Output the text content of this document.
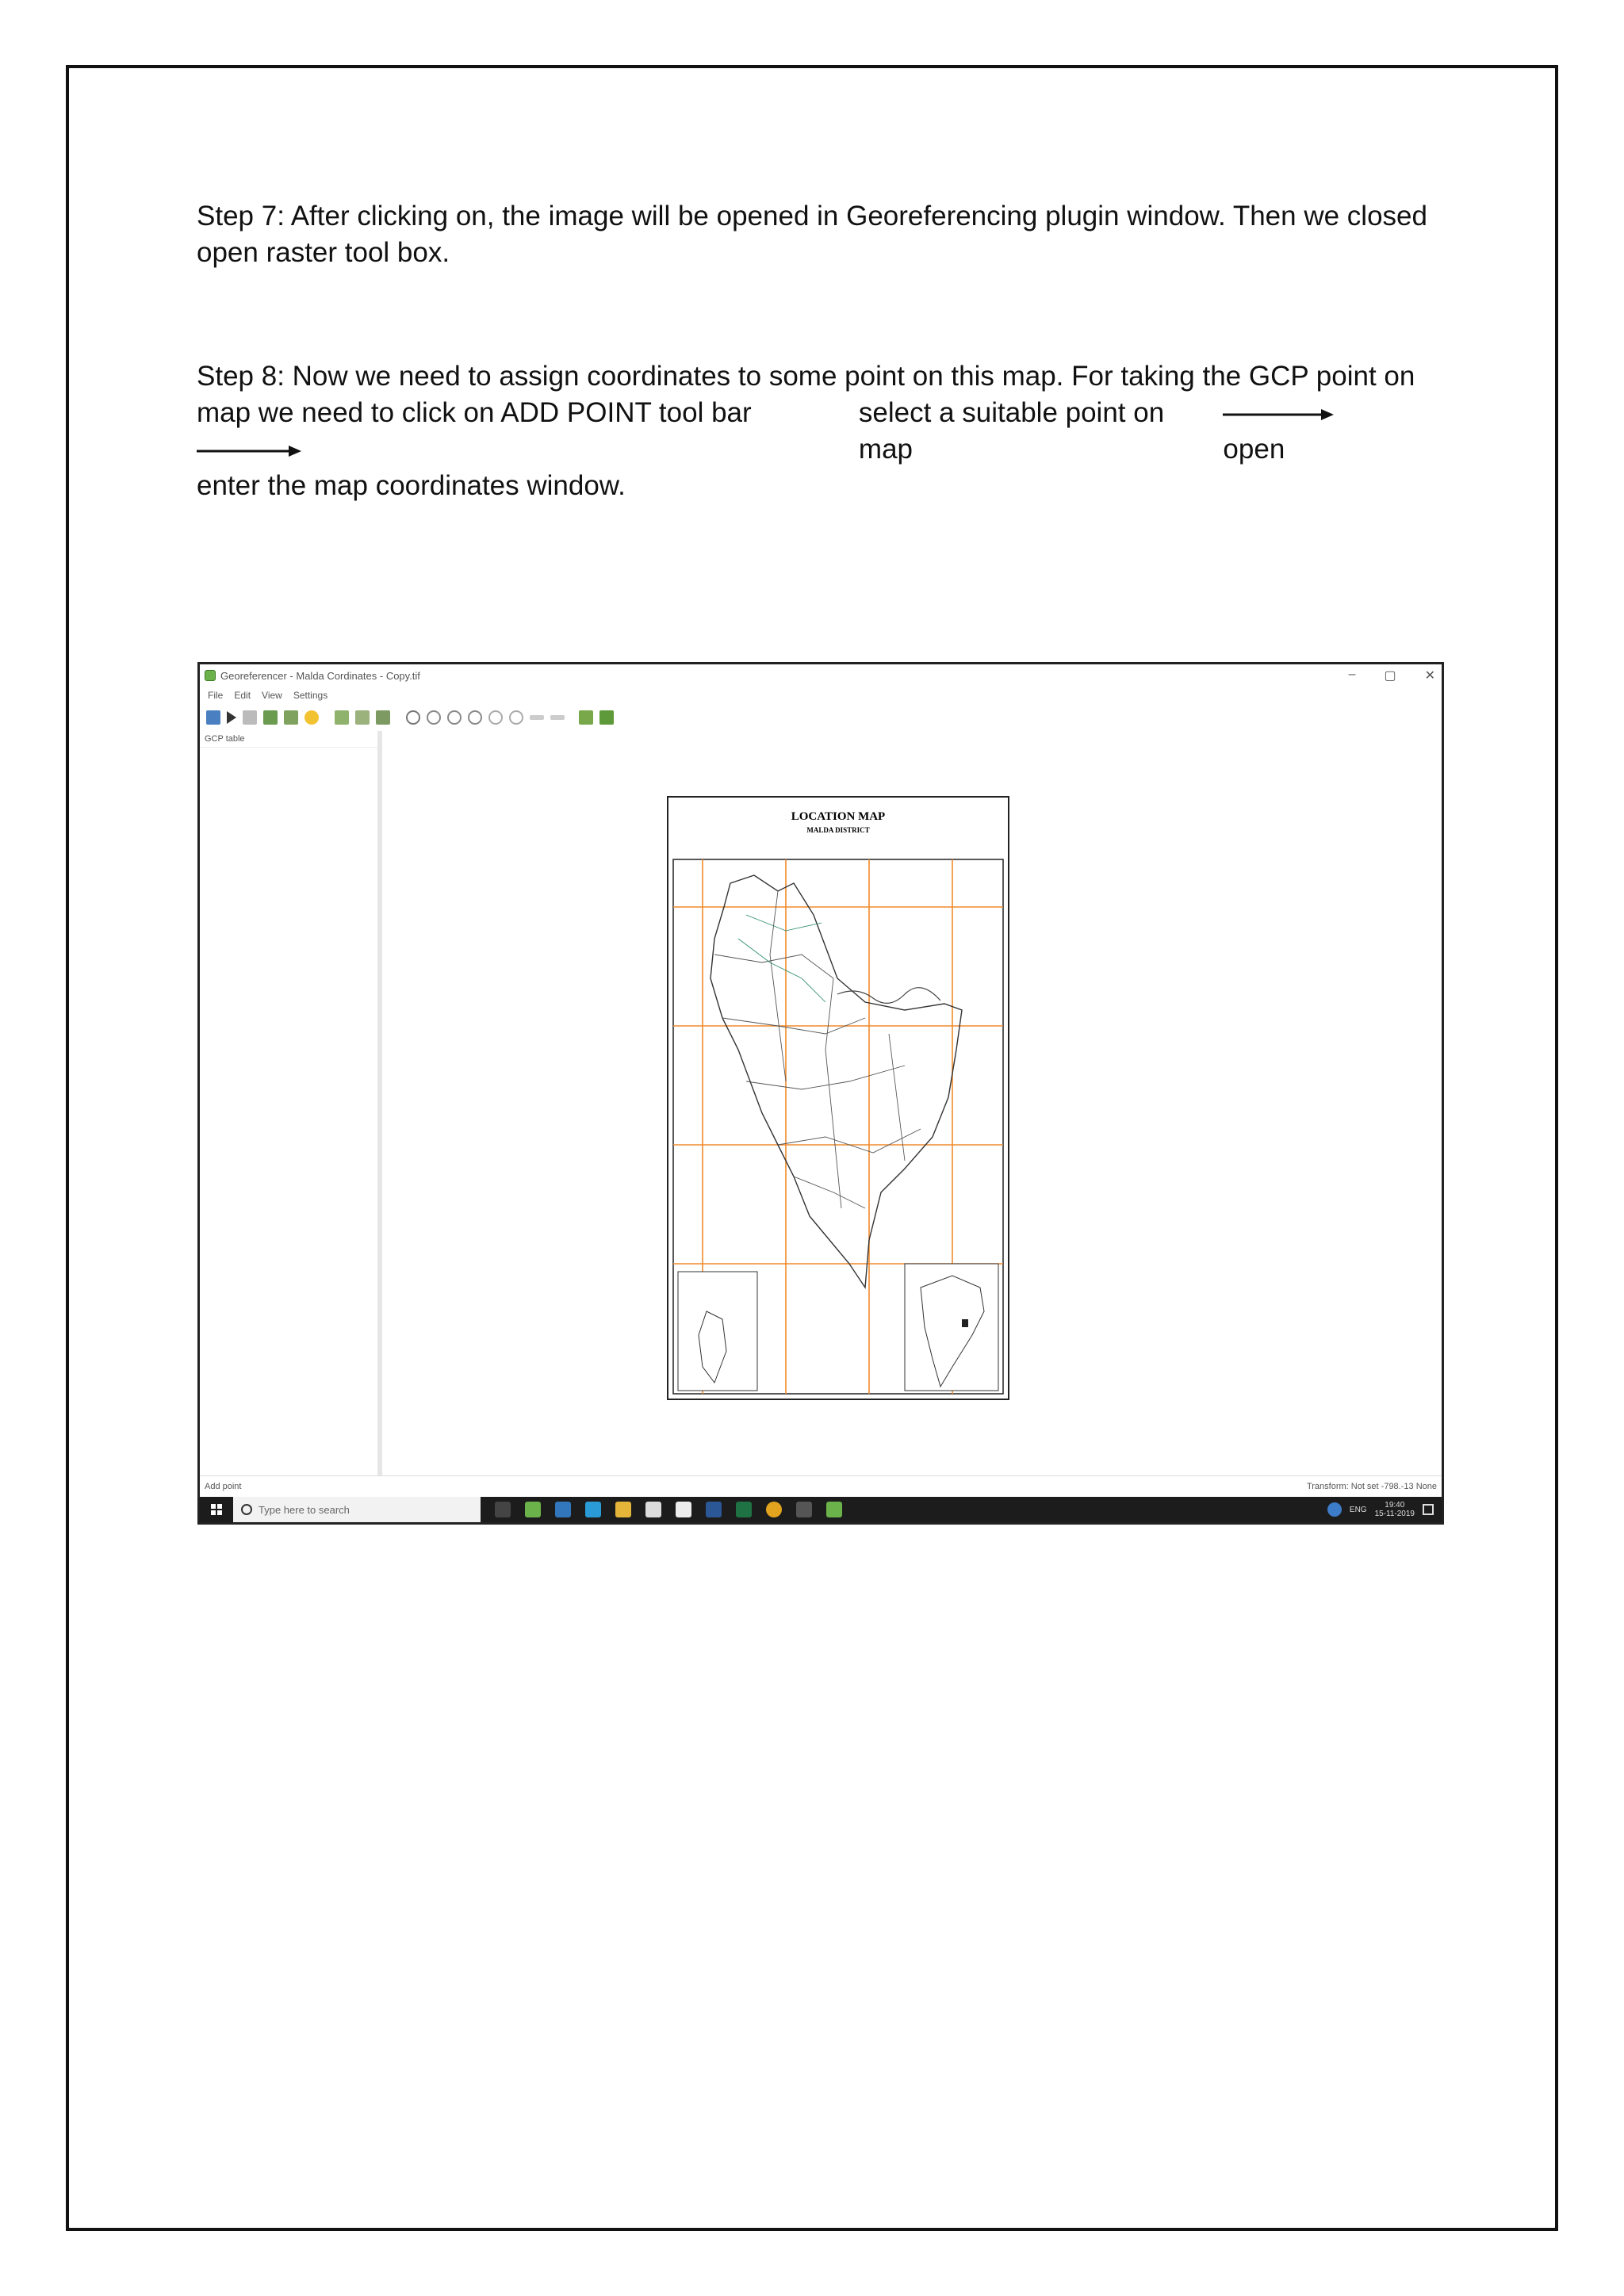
Step 7: After clicking on, the image will be opened in Georeferencing plugin window. Then we closed
open raster tool box.
Step 8: Now we need to assign coordinates to some point on this map. For taking the GCP point on
map we need to click on ADD POINT tool bar	select a suitable point on map	open
enter the map coordinates window.
Georeferencer - Malda Cordinates - Copy.tif	– ▢ ✕
File Edit View Settings
GCP table
LOCATION MAP
MALDA DISTRICT
Add point	Transform: Not set -798.-13 None
Type here to search	ENG 19:40
15-11-2019
